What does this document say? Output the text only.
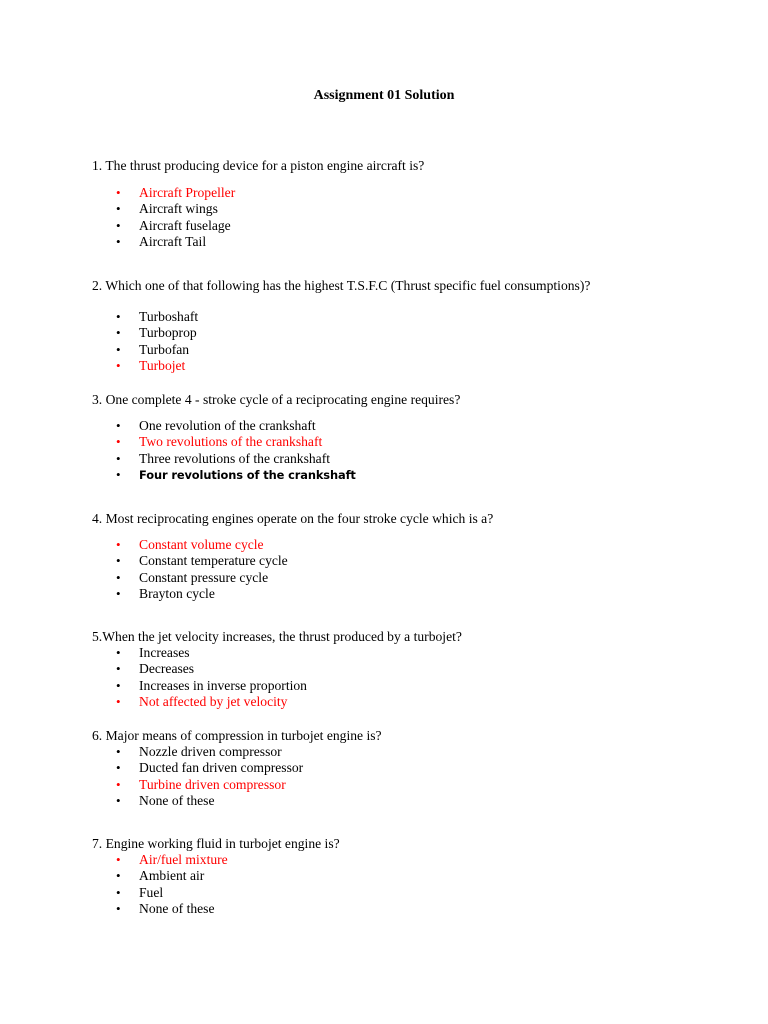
Assignment 01 Solution

1. The thrust producing device for a piston engine aircraft is?

• Aircraft Propeller
• Aircraft wings
• Aircraft fuselage
• Aircraft Tail

2. Which one of that following has the highest T.S.F.C (Thrust specific fuel consumptions)?

• Turboshaft
• Turboprop
• Turbofan
• Turbojet

3. One complete 4 - stroke cycle of a reciprocating engine requires?

• One revolution of the crankshaft
• Two revolutions of the crankshaft
• Three revolutions of the crankshaft
• Four revolutions of the crankshaft

4. Most reciprocating engines operate on the four stroke cycle which is a?

• Constant volume cycle
• Constant temperature cycle
• Constant pressure cycle
• Brayton cycle

5.When the jet velocity increases, the thrust produced by a turbojet?

• Increases
• Decreases
• Increases in inverse proportion
• Not affected by jet velocity

6. Major means of compression in turbojet engine is?

• Nozzle driven compressor
• Ducted fan driven compressor
• Turbine driven compressor
• None of these

7. Engine working fluid in turbojet engine is?

• Air/fuel mixture
• Ambient air
• Fuel
• None of these
